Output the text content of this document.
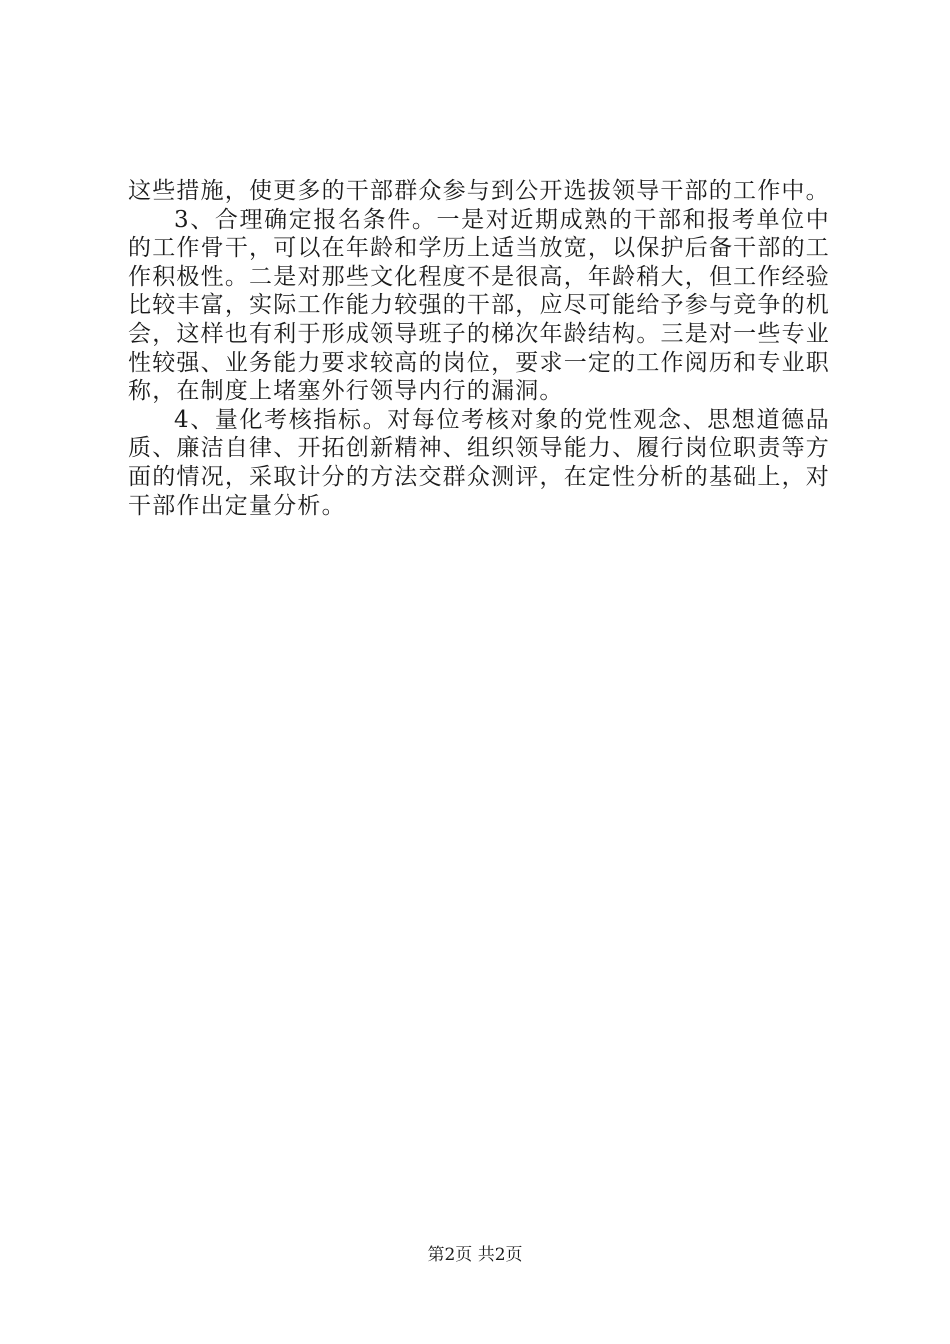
这些措施，使更多的干部群众参与到公开选拔领导干部的工作中。

3、合理确定报名条件。一是对近期成熟的干部和报考单位中的工作骨干，可以在年龄和学历上适当放宽，以保护后备干部的工作积极性。二是对那些文化程度不是很高，年龄稍大，但工作经验比较丰富，实际工作能力较强的干部，应尽可能给予参与竞争的机会，这样也有利于形成领导班子的梯次年龄结构。三是对一些专业性较强、业务能力要求较高的岗位，要求一定的工作阅历和专业职称，在制度上堵塞外行领导内行的漏洞。

4、量化考核指标。对每位考核对象的党性观念、思想道德品质、廉洁自律、开拓创新精神、组织领导能力、履行岗位职责等方面的情况，采取计分的方法交群众测评，在定性分析的基础上，对干部作出定量分析。

第2页 共2页
